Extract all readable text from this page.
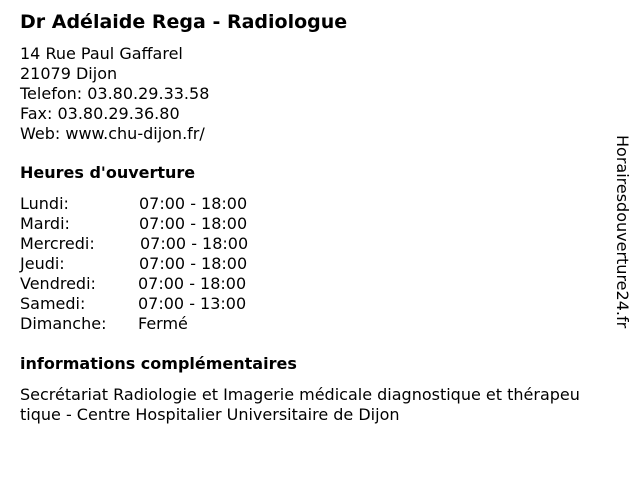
Dr Adélaide Rega - Radiologue
14 Rue Paul Gaffarel
21079 Dijon
Telefon: 03.80.29.33.58
Fax: 03.80.29.36.80
Web: www.chu-dijon.fr/
Heures d'ouverture
Lundi:	07:00 - 18:00
Mardi:	07:00 - 18:00
Mercredi:	07:00 - 18:00
Jeudi:	07:00 - 18:00
Vendredi:	07:00 - 18:00
Samedi:	07:00 - 13:00
Dimanche: Fermé
informations complémentaires
Secrétariat Radiologie et Imagerie médicale diagnostique et thérapeu
tique - Centre Hospitalier Universitaire de Dijon
Horairesdouverture24.fr
